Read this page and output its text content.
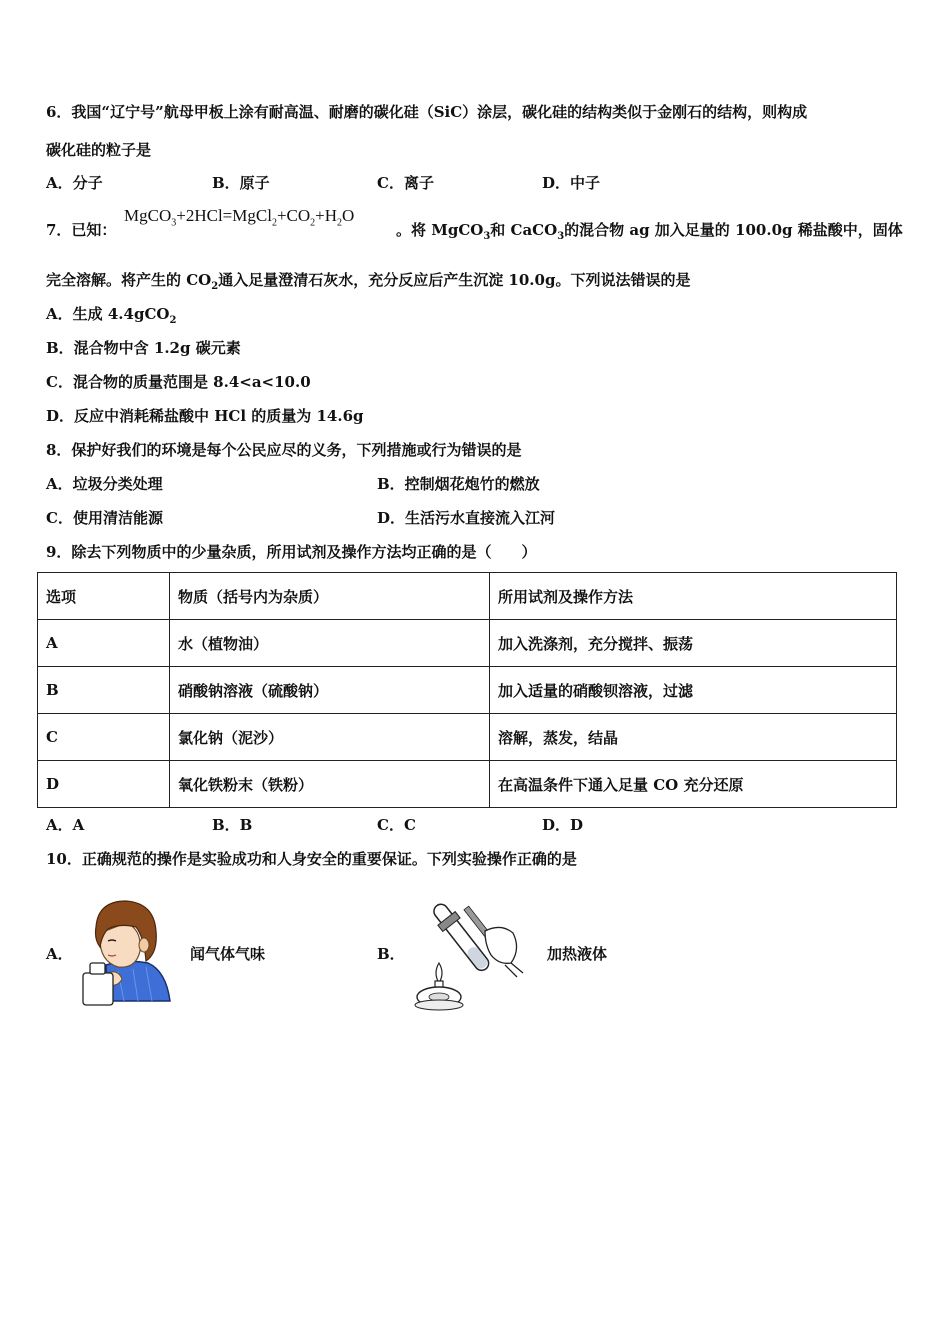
6．我国“辽宁号”航母甲板上涂有耐高温、耐磨的碳化硅（SiC）涂层，碳化硅的结构类似于金刚石的结构，则构成
碳化硅的粒子是
A．分子	B．原子	C．离子	D．中子
7．已知：
$MgCO_3+2HCl=MgCl_2+CO_2+H_2O$
。将 MgCO$_3$和 CaCO$_3$的混合物 ag 加入足量的 100.0g 稀盐酸中，固体
完全溶解。将产生的 $CO_2$通入足量澄清石灰水，充分反应后产生沉淀 10.0g。下列说法错误的是
A．生成 4.4gCO$_2$
B．混合物中含 1.2g 碳元素
C．混合物的质量范围是 8.4<a<10.0
D．反应中消耗稀盐酸中 HCl 的质量为 14.6g
8．保护好我们的环境是每个公民应尽的义务，下列措施或行为错误的是
A．垃圾分类处理	B．控制烟花炮竹的燃放
C．使用清洁能源	D．生活污水直接流入江河
9．除去下列物质中的少量杂质，所用试剂及操作方法均正确的是（　　）
选项	物质（括号内为杂质）	所用试剂及操作方法
A	水（植物油）	加入洗涤剂，充分搅拌、振荡
B	硝酸钠溶液（硫酸钠）	加入适量的硝酸钡溶液，过滤
C	氯化钠（泥沙）	溶解，蒸发，结晶
D	氧化铁粉末（铁粉）	在高温条件下通入足量 CO 充分还原
A．A	B．B	C．C	D．D
10．正确规范的操作是实验成功和人身安全的重要保证。下列实验操作正确的是
A．	闻气体气味	B．	加热液体
